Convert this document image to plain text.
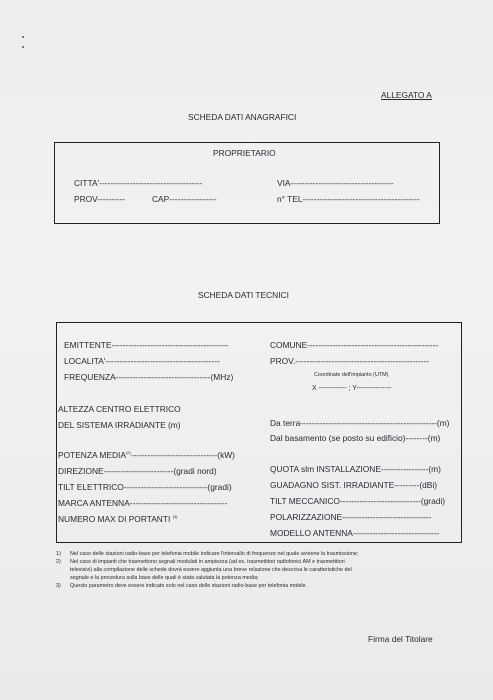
ALLEGATO A
SCHEDA DATI ANAGRAFICI
PROPRIETARIO
CITTA'-------------------------------------	VIA-------------------------------------
PROV----------	CAP-----------------	n° TEL------------------------------------------
SCHEDA DATI TECNICI
EMITTENTE------------------------------------------	COMUNE-----------------------------------------------
LOCALITA'-----------------------------------------	PROV.------------------------------------------------
FREQUENZA----------------------------------(MHz)	Coordinate dell'impianto (UTM)
X ------------ ; Y---------------
ALTEZZA CENTRO ELETTRICO
DEL SISTEMA IRRADIANTE (m)	Da terra-------------------------------------------------(m)
Dal basamento (se posto su edificio)--------(m)
POTENZA MEDIA$^{(2)}$-------------------------------(kW)
DIREZIONE-------------------------(gradi nord)	QUOTA slm INSTALLAZIONE-----------------(m)
TILT ELETTRICO------------------------------(gradi)	GUADAGNO SIST. IRRADIANTE---------(dBi)
MARCA ANTENNA-----------------------------------	TILT MECCANICO-----------------------------(gradi)
NUMERO MAX DI PORTANTI $^{(3)}$	POLARIZZAZIONE--------------------------------
MODELLO ANTENNA-------------------------------
1) Nel caso delle stazioni radio-base per telefonia mobile indicare l'intervallo di frequenze nel quale avviene la trasmissione;
2) Nel caso di impianti che trasmettono segnali modulati in ampiezza (ad es. trasmettitori radiofonici AM e trasmettitori
televisivi) alla compilazione delle schede dovrà essere aggiunta una breve relazione che descriva le caratteristiche del
segnale e la procedura sulla base delle quali è stata valutata la potenza media;
3) Questo parametro deve essere indicato solo nel caso delle stazioni radio-base per telefonia mobile.
Firma del Titolare
